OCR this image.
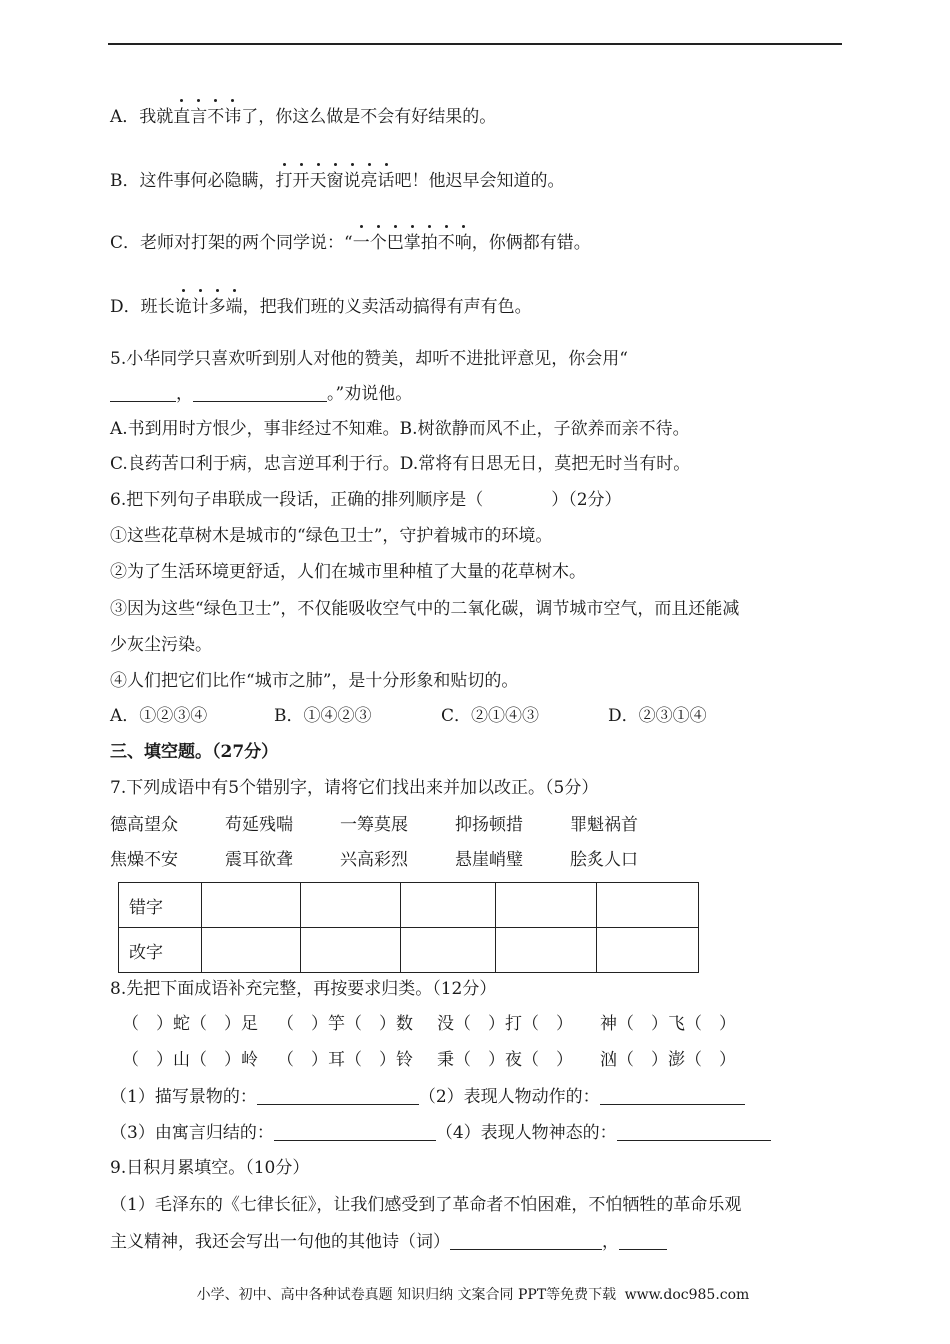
A．我就直言不讳了，你这么做是不会有好结果的。
B．这件事何必隐瞒，打开天窗说亮话吧！他迟早会知道的。
C．老师对打架的两个同学说：“一个巴掌拍不响，你俩都有错。
D．班长诡计多端，把我们班的义卖活动搞得有声有色。
5.小华同学只喜欢听到别人对他的赞美，却听不进批评意见，你会用“
，	。”劝说他。
A.书到用时方恨少，事非经过不知难。B.树欲静而风不止，子欲养而亲不待。
C.良药苦口利于病，忠言逆耳利于行。D.常将有日思无日，莫把无时当有时。
6.把下列句子串联成一段话，正确的排列顺序是（　　　　）（2分）
①这些花草树木是城市的“绿色卫士”，守护着城市的环境。
②为了生活环境更舒适，人们在城市里种植了大量的花草树木。
③因为这些“绿色卫士”，不仅能吸收空气中的二氧化碳，调节城市空气，而且还能减
少灰尘污染。
④人们把它们比作“城市之肺”，是十分形象和贴切的。
A．①②③④	B．①④②③	C．②①④③	D．②③①④
三、填空题。（27分）
7.下列成语中有5个错别字，请将它们找出来并加以改正。（5分）
德高望众	苟延残喘	一筹莫展	抑扬顿措	罪魁祸首
焦燥不安	震耳欲聋	兴高彩烈	悬崖峭璧	脍炙人口
错字					
改字					
8.先把下面成语补充完整，再按要求归类。（12分）
（　）蛇（　）足 （　）竽（　）数 没（　）打（　） 神（　）飞（　）
（　）山（　）岭 （　）耳（　）铃 秉（　）夜（　） 汹（　）澎（　）
（1）描写景物的：	（2）表现人物动作的：
（3）由寓言归结的：	（4）表现人物神态的：
9.日积月累填空。（10分）
（1）毛泽东的《七律长征》，让我们感受到了革命者不怕困难，不怕牺牲的革命乐观
主义精神，我还会写出一句他的其他诗（词）	，
小学、初中、高中各种试卷真题 知识归纳 文案合同 PPT等免费下载 www.doc985.com
